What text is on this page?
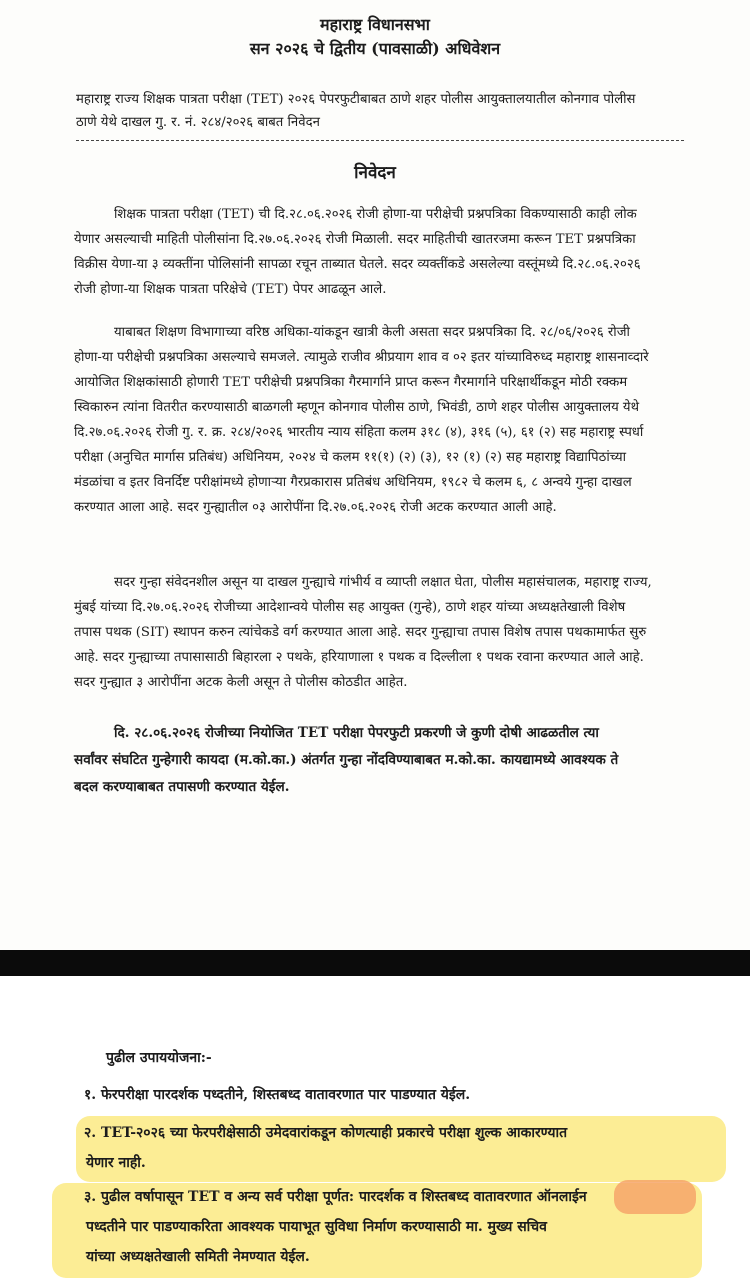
महाराष्ट्र विधानसभा
सन २०२६ चे द्वितीय (पावसाळी) अधिवेशन
महाराष्ट्र राज्य शिक्षक पात्रता परीक्षा (TET) २०२६ पेपरफुटीबाबत ठाणे शहर पोलीस आयुक्तालयातील कोनगाव पोलीस
ठाणे येथे दाखल गु. र. नं. २८४/२०२६ बाबत निवेदन
निवेदन
शिक्षक पात्रता परीक्षा (TET) ची दि.२८.०६.२०२६ रोजी होणा-या परीक्षेची प्रश्नपत्रिका विकण्यासाठी काही लोक
येणार असल्याची माहिती पोलीसांना दि.२७.०६.२०२६ रोजी मिळाली. सदर माहितीची खातरजमा करून TET प्रश्नपत्रिका
विक्रीस येणा-या ३ व्यक्तींना पोलिसांनी सापळा रचून ताब्यात घेतले. सदर व्यक्तींकडे असलेल्या वस्तूंमध्ये दि.२८.०६.२०२६
रोजी होणा-या शिक्षक पात्रता परिक्षेचे (TET) पेपर आढळून आले.
याबाबत शिक्षण विभागाच्या वरिष्ठ अधिका-यांकडून खात्री केली असता सदर प्रश्नपत्रिका दि. २८/०६/२०२६ रोजी
होणा-या परीक्षेची प्रश्नपत्रिका असल्याचे समजले. त्यामुळे राजीव श्रीप्रयाग शाव व ०२ इतर यांच्याविरुध्द महाराष्ट्र शासनाव्दारे
आयोजित शिक्षकांसाठी होणारी TET परीक्षेची प्रश्नपत्रिका गैरमार्गाने प्राप्त करून गैरमार्गाने परिक्षार्थीकडून मोठी रक्कम
स्विकारुन त्यांना वितरीत करण्यासाठी बाळगली म्हणून कोनगाव पोलीस ठाणे, भिवंडी, ठाणे शहर पोलीस आयुक्तालय येथे
दि.२७.०६.२०२६ रोजी गु. र. क्र. २८४/२०२६ भारतीय न्याय संहिता कलम ३१८ (४), ३१६ (५), ६१ (२) सह महाराष्ट्र स्पर्धा
परीक्षा (अनुचित मार्गास प्रतिबंध) अधिनियम, २०२४ चे कलम ११(१) (२) (३), १२ (१) (२) सह महाराष्ट्र विद्यापिठांच्या
मंडळांचा व इतर विनर्दिष्ट परीक्षांमध्ये होणाऱ्या गैरप्रकारास प्रतिबंध अधिनियम, १९८२ चे कलम ६, ८ अन्वये गुन्हा दाखल
करण्यात आला आहे. सदर गुन्ह्यातील ०३ आरोपींना दि.२७.०६.२०२६ रोजी अटक करण्यात आली आहे.
सदर गुन्हा संवेदनशील असून या दाखल गुन्ह्याचे गांभीर्य व व्याप्ती लक्षात घेता, पोलीस महासंचालक, महाराष्ट्र राज्य,
मुंबई यांच्या दि.२७.०६.२०२६ रोजीच्या आदेशान्वये पोलीस सह आयुक्त (गुन्हे), ठाणे शहर यांच्या अध्यक्षतेखाली विशेष
तपास पथक (SIT) स्थापन करुन त्यांचेकडे वर्ग करण्यात आला आहे. सदर गुन्ह्याचा तपास विशेष तपास पथकामार्फत सुरु
आहे. सदर गुन्ह्याच्या तपासासाठी बिहारला २ पथके, हरियाणाला १ पथक व दिल्लीला १ पथक रवाना करण्यात आले आहे.
सदर गुन्ह्यात ३ आरोपींना अटक केली असून ते पोलीस कोठडीत आहेत.
दि. २८.०६.२०२६ रोजीच्या नियोजित TET परीक्षा पेपरफुटी प्रकरणी जे कुणी दोषी आढळतील त्या
सर्वांवर संघटित गुन्हेगारी कायदा (म.को.का.) अंतर्गत गुन्हा नोंदविण्याबाबत म.को.का. कायद्यामध्ये आवश्यक ते
बदल करण्याबाबत तपासणी करण्यात येईल.
पुढील उपाययोजना:-
१. फेरपरीक्षा पारदर्शक पध्दतीने, शिस्तबध्द वातावरणात पार पाडण्यात येईल.
२. TET-२०२६ च्या फेरपरीक्षेसाठी उमेदवारांकडून कोणत्याही प्रकारचे परीक्षा शुल्क आकारण्यात
येणार नाही.
३. पुढील वर्षापासून TET व अन्य सर्व परीक्षा पूर्णत: पारदर्शक व शिस्तबध्द वातावरणात ऑनलाईन
पध्दतीने पार पाडण्याकरिता आवश्यक पायाभूत सुविधा निर्माण करण्यासाठी मा. मुख्य सचिव
यांच्या अध्यक्षतेखाली समिती नेमण्यात येईल.
